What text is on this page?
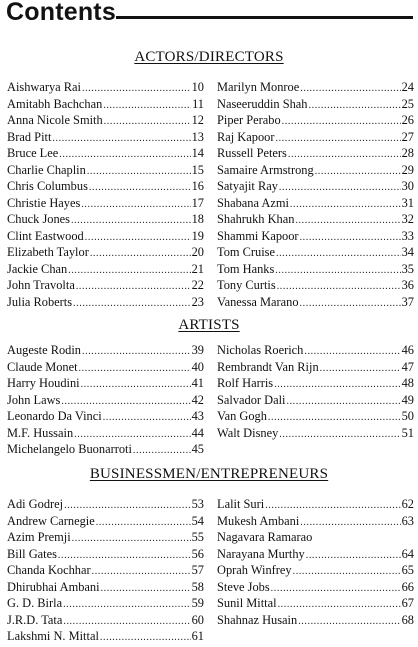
Contents
ACTORS/DIRECTORS
Aishwarya Rai .....	10
Amitabh Bachchan .....	11
Anna Nicole Smith .....	12
Brad Pitt .....	13
Bruce Lee .....	14
Charlie Chaplin .....	15
Chris Columbus .....	16
Christie Hayes .....	17
Chuck Jones .....	18
Clint Eastwood .....	19
Elizabeth Taylor .....	20
Jackie Chan .....	21
John Travolta .....	22
Julia Roberts .....	23
Marilyn Monroe .....	24
Naseeruddin Shah .....	25
Piper Perabo .....	26
Raj Kapoor .....	27
Russell Peters .....	28
Samaire Armstrong .....	29
Satyajit Ray .....	30
Shabana Azmi .....	31
Shahrukh Khan .....	32
Shammi Kapoor .....	33
Tom Cruise .....	34
Tom Hanks .....	35
Tony Curtis .....	36
Vanessa Marano .....	37
ARTISTS
Augeste Rodin .....	39
Claude Monet .....	40
Harry Houdini .....	41
John Laws .....	42
Leonardo Da Vinci .....	43
M.F. Hussain .....	44
Michelangelo Buonarroti .....	45
Nicholas Roerich .....	46
Rembrandt Van Rijn .....	47
Rolf Harris .....	48
Salvador Dali .....	49
Van Gogh .....	50
Walt Disney .....	51
BUSINESSMEN/ENTREPRENEURS
Adi Godrej .....	53
Andrew Carnegie .....	54
Azim Premji .....	55
Bill Gates .....	56
Chanda Kochhar .....	57
Dhirubhai Ambani .....	58
G. D. Birla .....	59
J.R.D. Tata .....	60
Lakshmi N. Mittal .....	61
Lalit Suri .....	62
Mukesh Ambani .....	63
Nagavara Ramarao
Narayana Murthy .....	64
Oprah Winfrey .....	65
Steve Jobs .....	66
Sunil Mittal .....	67
Shahnaz Husain .....	68
